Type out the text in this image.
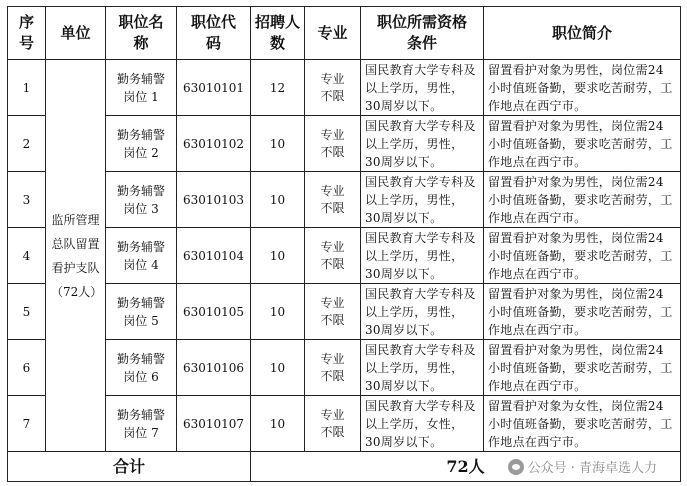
序号	单位	职位名称	职位代码	招聘人数	专业	职位所需资格条件	职位简介
1	监所管理总队留置看护支队（72人）	勤务辅警岗位 1	63010101	12	专业不限	国民教育大学专科及以上学历，男性，30周岁以下。	留置看护对象为男性，岗位需24小时值班备勤，要求吃苦耐劳，工作地点在西宁市。
2		勤务辅警岗位 2	63010102	10	专业不限	国民教育大学专科及以上学历，男性，30周岁以下。	留置看护对象为男性，岗位需24小时值班备勤，要求吃苦耐劳，工作地点在西宁市。
3		勤务辅警岗位 3	63010103	10	专业不限	国民教育大学专科及以上学历，男性，30周岁以下。	留置看护对象为男性，岗位需24小时值班备勤，要求吃苦耐劳，工作地点在西宁市。
4		勤务辅警岗位 4	63010104	10	专业不限	国民教育大学专科及以上学历，男性，30周岁以下。	留置看护对象为男性，岗位需24小时值班备勤，要求吃苦耐劳，工作地点在西宁市。
5		勤务辅警岗位 5	63010105	10	专业不限	国民教育大学专科及以上学历，男性，30周岁以下。	留置看护对象为男性，岗位需24小时值班备勤，要求吃苦耐劳，工作地点在西宁市。
6		勤务辅警岗位 6	63010106	10	专业不限	国民教育大学专科及以上学历，男性，30周岁以下。	留置看护对象为男性，岗位需24小时值班备勤，要求吃苦耐劳，工作地点在西宁市。
7		勤务辅警岗位 7	63010107	10	专业不限	国民教育大学专科及以上学历，女性，30周岁以下。	留置看护对象为女性，岗位需24小时值班备勤，要求吃苦耐劳，工作地点在西宁市。
合计				72人				公众号 · 青海卓选人力
